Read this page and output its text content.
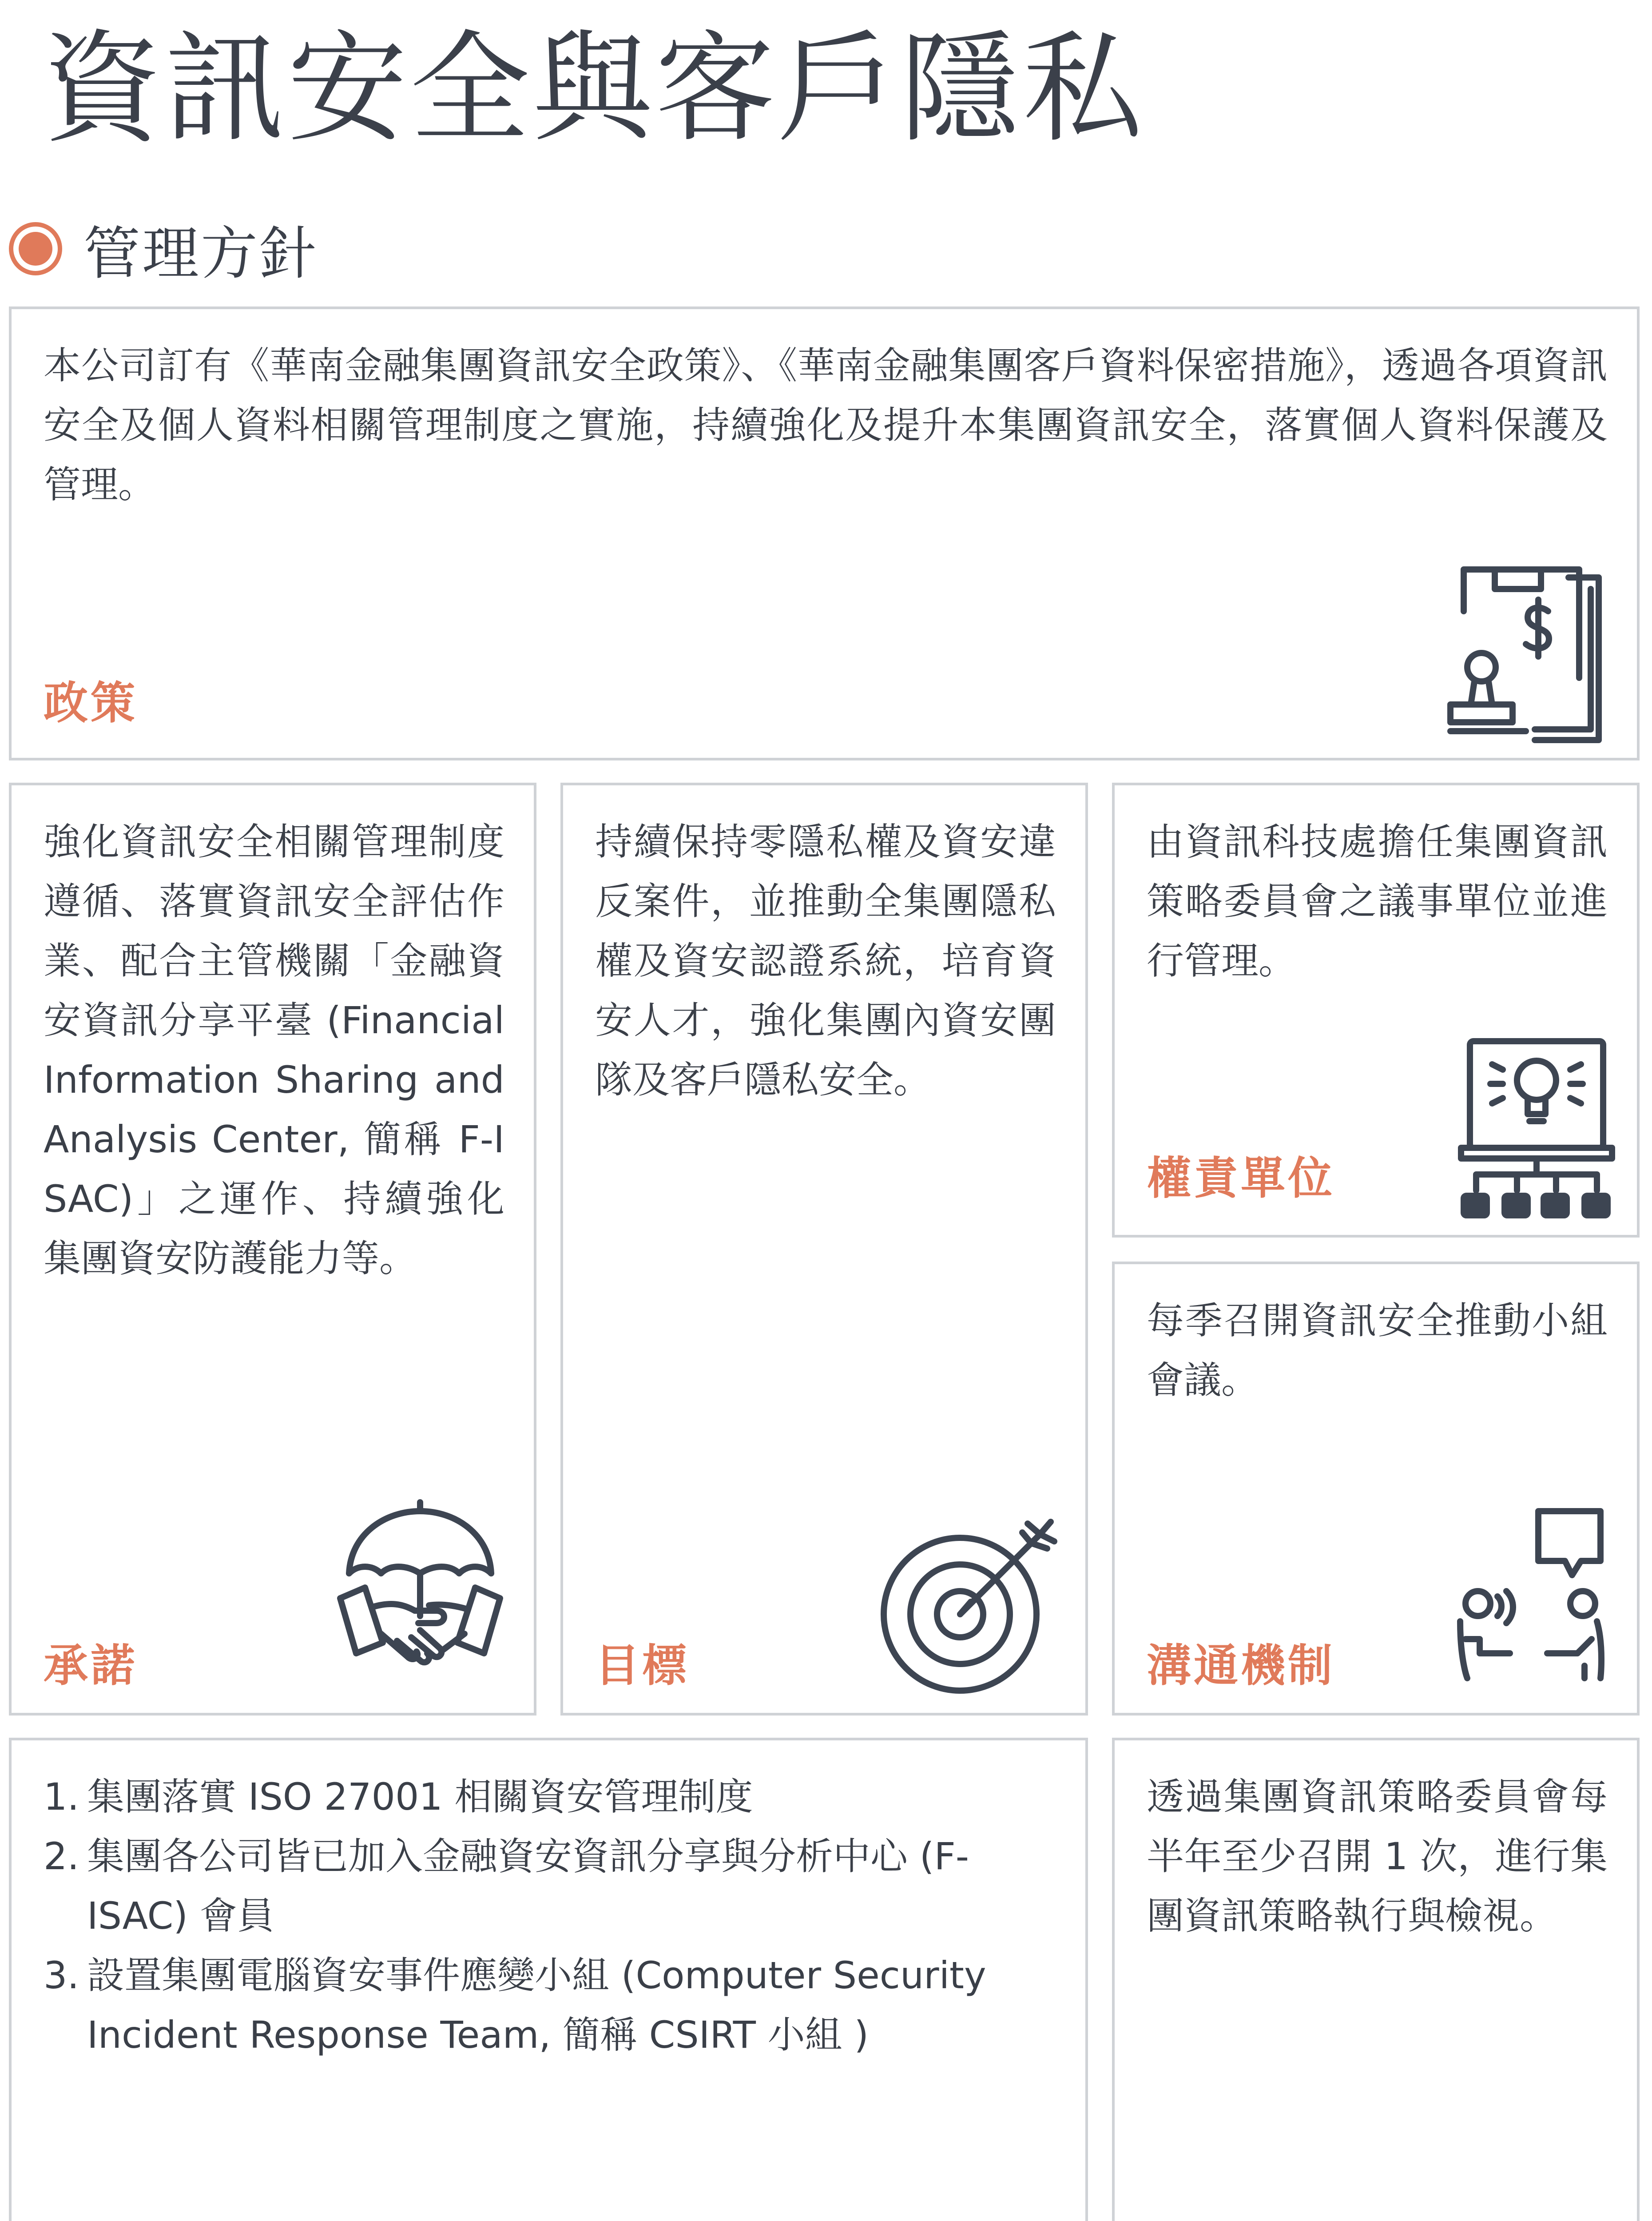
資訊安全與客戶隱私
管理方針

本公司訂有《華南金融集團資訊安全政策》、《華南金融集團客戶資料保密措施》，透過各項資訊安全及個人資料相關管理制度之實施，持續強化及提升本集團資訊安全，落實個人資料保護及管理。

政策

強化資訊安全相關管理制度遵循、落實資訊安全評估作業、配合主管機關「金融資安資訊分享平臺 (Financial Information Sharing and Analysis Center, 簡稱 F-ISAC)」之運作、持續強化集團資安防護能力等。

承諾

持續保持零隱私權及資安違反案件，並推動全集團隱私權及資安認證系統，培育資安人才，強化集團內資安團隊及客戶隱私安全。

目標

由資訊科技處擔任集團資訊策略委員會之議事單位並進行管理。

權責單位

每季召開資訊安全推動小組會議。

溝通機制
1. 集團落實 ISO 27001 相關資安管理制度
2. 集團各公司皆已加入金融資安資訊分享與分析中心 (F-ISAC) 會員
3. 設置集團電腦資安事件應變小組 (Computer Security Incident Response Team, 簡稱 CSIRT 小組 )

透過集團資訊策略委員會每半年至少召開 1 次，進行集團資訊策略執行與檢視。
